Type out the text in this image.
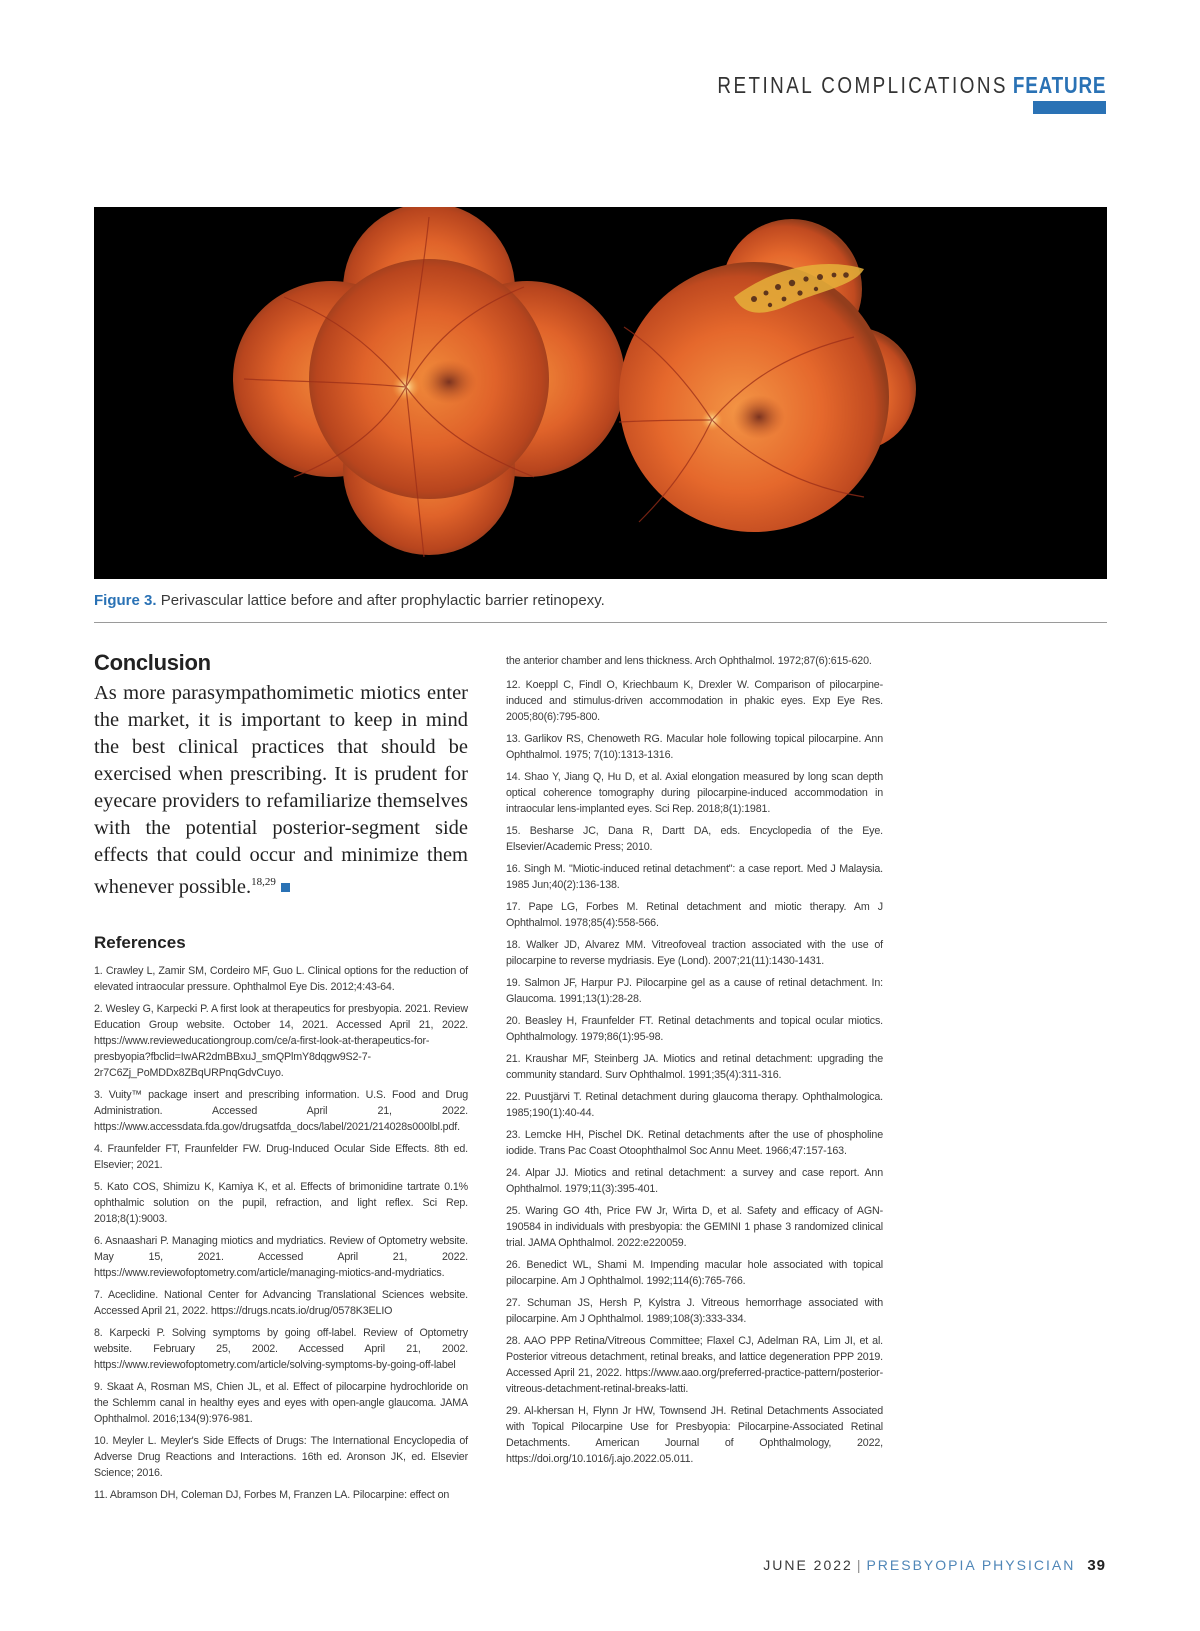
RETINAL COMPLICATIONS FEATURE
Figure 3. Perivascular lattice before and after prophylactic barrier retinopexy.
Conclusion

As more parasympathomimetic miotics enter the market, it is important to keep in mind the best clinical practices that should be exercised when prescribing. It is prudent for eyecare providers to refamiliarize themselves with the potential posterior-segment side effects that could occur and minimize them whenever possible.$^{18,29}$

References

1. Crawley L, Zamir SM, Cordeiro MF, Guo L. Clinical options for the reduction of elevated intraocular pressure. Ophthalmol Eye Dis. 2012;4:43-64.

2. Wesley G, Karpecki P. A first look at therapeutics for presbyopia. 2021. Review Education Group website. October 14, 2021. Accessed April 21, 2022. https://www.revieweducationgroup.com/ce/a-first-look-at-therapeutics-for-presbyopia?fbclid=IwAR2dmBBxuJ_smQPlmY8dqgw9S2-7-2r7C6Zj_PoMDDx8ZBqURPnqGdvCuyo.

3. Vuity™ package insert and prescribing information. U.S. Food and Drug Administration. Accessed April 21, 2022. https://www.accessdata.fda.gov/drugsatfda_docs/label/2021/214028s000lbl.pdf.

4. Fraunfelder FT, Fraunfelder FW. Drug-Induced Ocular Side Effects. 8th ed. Elsevier; 2021.

5. Kato COS, Shimizu K, Kamiya K, et al. Effects of brimonidine tartrate 0.1% ophthalmic solution on the pupil, refraction, and light reflex. Sci Rep. 2018;8(1):9003.

6. Asnaashari P. Managing miotics and mydriatics. Review of Optometry website. May 15, 2021. Accessed April 21, 2022. https://www.reviewofoptometry.com/article/managing-miotics-and-mydriatics.

7. Aceclidine. National Center for Advancing Translational Sciences website. Accessed April 21, 2022. https://drugs.ncats.io/drug/0578K3ELIO

8. Karpecki P. Solving symptoms by going off-label. Review of Optometry website. February 25, 2002. Accessed April 21, 2002. https://www.reviewofoptometry.com/article/solving-symptoms-by-going-off-label

9. Skaat A, Rosman MS, Chien JL, et al. Effect of pilocarpine hydrochloride on the Schlemm canal in healthy eyes and eyes with open-angle glaucoma. JAMA Ophthalmol. 2016;134(9):976-981.

10. Meyler L. Meyler's Side Effects of Drugs: The International Encyclopedia of Adverse Drug Reactions and Interactions. 16th ed. Aronson JK, ed. Elsevier Science; 2016.

11. Abramson DH, Coleman DJ, Forbes M, Franzen LA. Pilocarpine: effect on

the anterior chamber and lens thickness. Arch Ophthalmol. 1972;87(6):615-620.

12. Koeppl C, Findl O, Kriechbaum K, Drexler W. Comparison of pilocarpine-induced and stimulus-driven accommodation in phakic eyes. Exp Eye Res. 2005;80(6):795-800.

13. Garlikov RS, Chenoweth RG. Macular hole following topical pilocarpine. Ann Ophthalmol. 1975; 7(10):1313-1316.

14. Shao Y, Jiang Q, Hu D, et al. Axial elongation measured by long scan depth optical coherence tomography during pilocarpine-induced accommodation in intraocular lens-implanted eyes. Sci Rep. 2018;8(1):1981.

15. Besharse JC, Dana R, Dartt DA, eds. Encyclopedia of the Eye. Elsevier/Academic Press; 2010.

16. Singh M. "Miotic-induced retinal detachment": a case report. Med J Malaysia. 1985 Jun;40(2):136-138.

17. Pape LG, Forbes M. Retinal detachment and miotic therapy. Am J Ophthalmol. 1978;85(4):558-566.

18. Walker JD, Alvarez MM. Vitreofoveal traction associated with the use of pilocarpine to reverse mydriasis. Eye (Lond). 2007;21(11):1430-1431.

19. Salmon JF, Harpur PJ. Pilocarpine gel as a cause of retinal detachment. In: Glaucoma. 1991;13(1):28-28.

20. Beasley H, Fraunfelder FT. Retinal detachments and topical ocular miotics. Ophthalmology. 1979;86(1):95-98.

21. Kraushar MF, Steinberg JA. Miotics and retinal detachment: upgrading the community standard. Surv Ophthalmol. 1991;35(4):311-316.

22. Puustjärvi T. Retinal detachment during glaucoma therapy. Ophthalmologica. 1985;190(1):40-44.

23. Lemcke HH, Pischel DK. Retinal detachments after the use of phospholine iodide. Trans Pac Coast Otoophthalmol Soc Annu Meet. 1966;47:157-163.

24. Alpar JJ. Miotics and retinal detachment: a survey and case report. Ann Ophthalmol. 1979;11(3):395-401.

25. Waring GO 4th, Price FW Jr, Wirta D, et al. Safety and efficacy of AGN-190584 in individuals with presbyopia: the GEMINI 1 phase 3 randomized clinical trial. JAMA Ophthalmol. 2022:e220059.

26. Benedict WL, Shami M. Impending macular hole associated with topical pilocarpine. Am J Ophthalmol. 1992;114(6):765-766.

27. Schuman JS, Hersh P, Kylstra J. Vitreous hemorrhage associated with pilocarpine. Am J Ophthalmol. 1989;108(3):333-334.

28. AAO PPP Retina/Vitreous Committee; Flaxel CJ, Adelman RA, Lim JI, et al. Posterior vitreous detachment, retinal breaks, and lattice degeneration PPP 2019. Accessed April 21, 2022. https://www.aao.org/preferred-practice-pattern/posterior-vitreous-detachment-retinal-breaks-latti.

29. Al-khersan H, Flynn Jr HW, Townsend JH. Retinal Detachments Associated with Topical Pilocarpine Use for Presbyopia: Pilocarpine-Associated Retinal Detachments. American Journal of Ophthalmology, 2022, https://doi.org/10.1016/j.ajo.2022.05.011.

JUNE 2022 | PRESBYOPIA PHYSICIAN 39
